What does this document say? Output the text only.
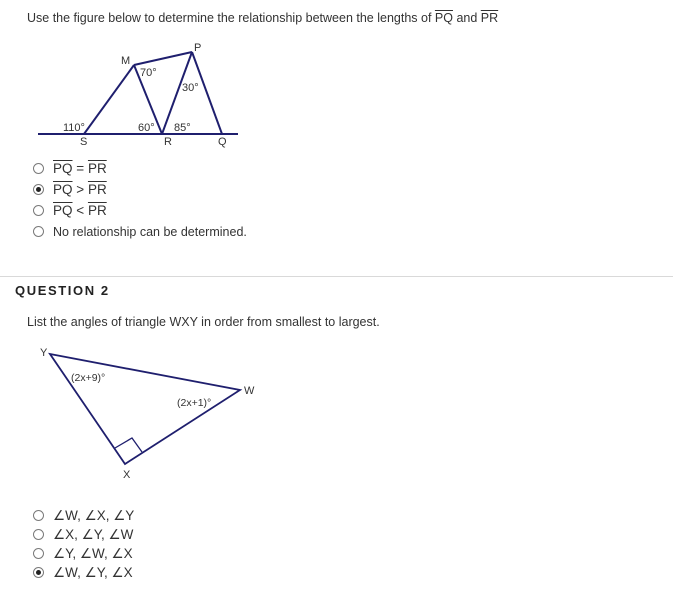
Use the figure below to determine the relationship between the lengths of $\overline{PQ}$ and $\overline{PR}$
M
P
S	R	Q
70°
30°
110°	60° 85°
$\overline{PQ} = \overline{PR}$
$\overline{PQ} > \overline{PR}$
$\overline{PQ} < \overline{PR}$
No relationship can be determined.
QUESTION 2
List the angles of triangle WXY in order from smallest to largest.
Y
W
X
(2x+9)°
(2x+1)°
∠W, ∠X, ∠Y
∠X, ∠Y, ∠W
∠Y, ∠W, ∠X
∠W, ∠Y, ∠X
